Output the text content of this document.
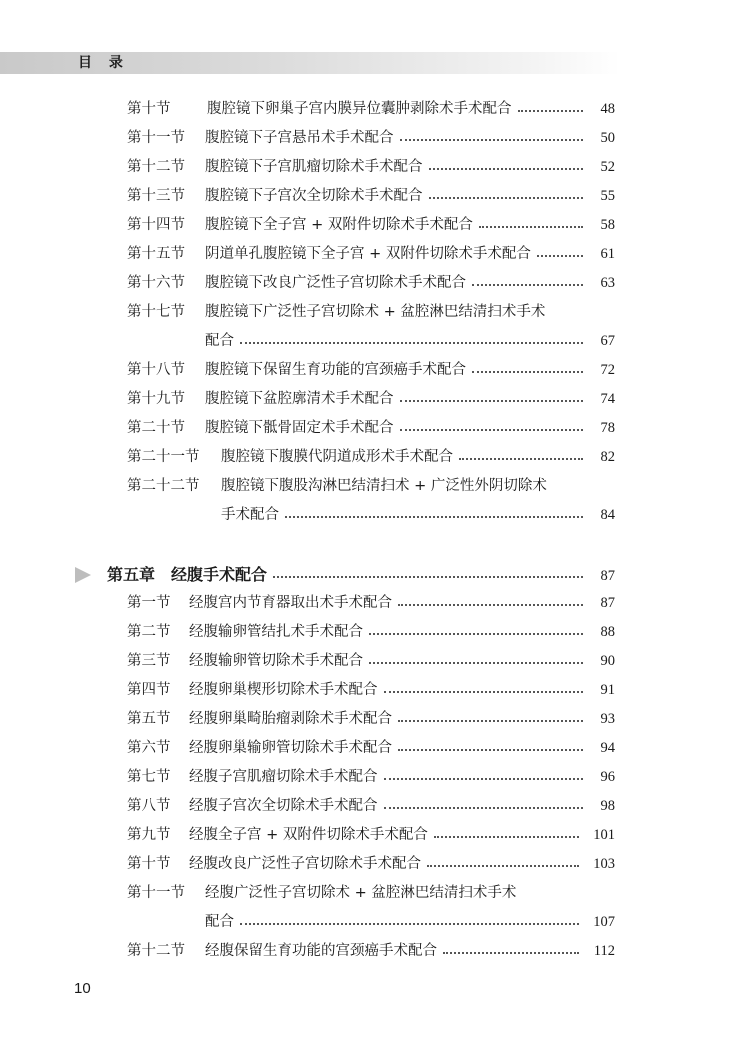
目 录
第十节	腹腔镜下卵巢子宫内膜异位囊肿剥除术手术配合	48
第十一节	腹腔镜下子宫悬吊术手术配合	50
第十二节	腹腔镜下子宫肌瘤切除术手术配合	52
第十三节	腹腔镜下子宫次全切除术手术配合	55
第十四节	腹腔镜下全子宫 + 双附件切除术手术配合	58
第十五节	阴道单孔腹腔镜下全子宫 + 双附件切除术手术配合	61
第十六节	腹腔镜下改良广泛性子宫切除术手术配合	63
第十七节 腹腔镜下广泛性子宫切除术 + 盆腔淋巴结清扫术手术
配合	67
第十八节	腹腔镜下保留生育功能的宫颈癌手术配合	72
第十九节	腹腔镜下盆腔廓清术手术配合	74
第二十节	腹腔镜下骶骨固定术手术配合	78
第二十一节	腹腔镜下腹膜代阴道成形术手术配合	82
第二十二节 腹腔镜下腹股沟淋巴结清扫术 + 广泛性外阴切除术
手术配合	84
第五章　经腹手术配合	87
第一节	经腹宫内节育器取出术手术配合	87
第二节	经腹输卵管结扎术手术配合	88
第三节	经腹输卵管切除术手术配合	90
第四节	经腹卵巢楔形切除术手术配合	91
第五节	经腹卵巢畸胎瘤剥除术手术配合	93
第六节	经腹卵巢输卵管切除术手术配合	94
第七节	经腹子宫肌瘤切除术手术配合	96
第八节	经腹子宫次全切除术手术配合	98
第九节	经腹全子宫 + 双附件切除术手术配合	101
第十节	经腹改良广泛性子宫切除术手术配合	103
第十一节 经腹广泛性子宫切除术 + 盆腔淋巴结清扫术手术
配合	107
第十二节	经腹保留生育功能的宫颈癌手术配合	112
10
